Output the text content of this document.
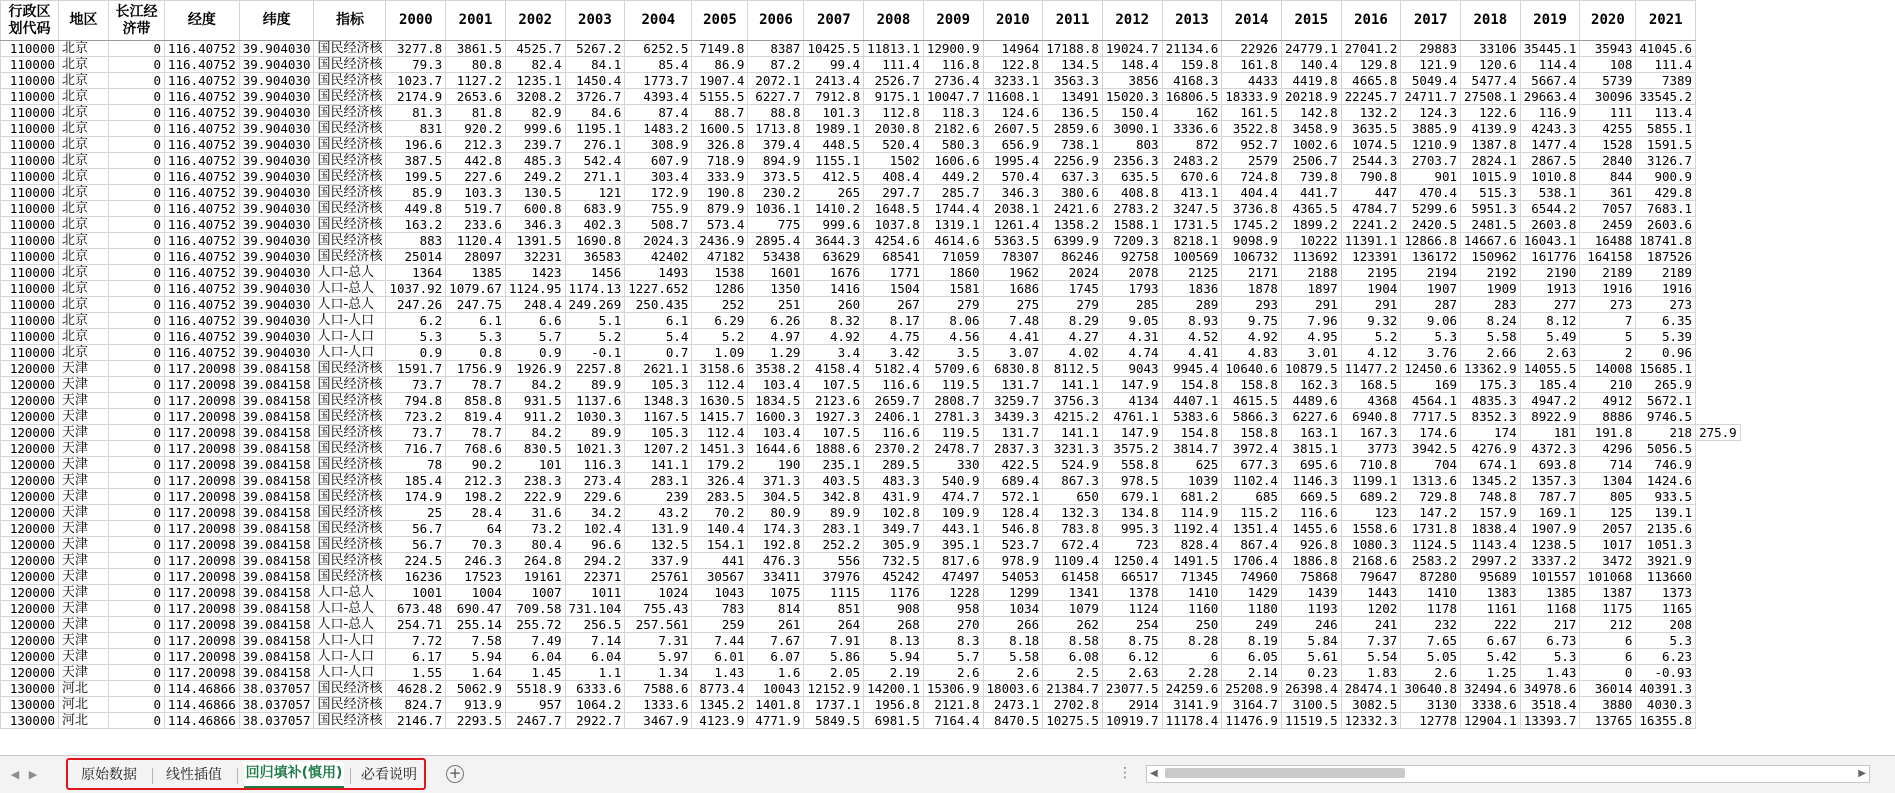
行政区划代码	地区	长江经济带	经度	纬度	指标	2000	2001	2002	2003	2004	2005	2006	2007	2008	2009	2010	2011	2012	2013	2014	2015	2016	2017	2018	2019	2020	2021	
110000	北京	0	116.40752	39.904030	国民经济核	3277.8	3861.5	4525.7	5267.2	6252.5	7149.8	8387	10425.5	11813.1	12900.9	14964	17188.8	19024.7	21134.6	22926	24779.1	27041.2	29883	33106	35445.1	35943	41045.6	
110000	北京	0	116.40752	39.904030	国民经济核	79.3	80.8	82.4	84.1	85.4	86.9	87.2	99.4	111.4	116.8	122.8	134.5	148.4	159.8	161.8	140.4	129.8	121.9	120.6	114.4	108	111.4	
110000	北京	0	116.40752	39.904030	国民经济核	1023.7	1127.2	1235.1	1450.4	1773.7	1907.4	2072.1	2413.4	2526.7	2736.4	3233.1	3563.3	3856	4168.3	4433	4419.8	4665.8	5049.4	5477.4	5667.4	5739	7389	
110000	北京	0	116.40752	39.904030	国民经济核	2174.9	2653.6	3208.2	3726.7	4393.4	5155.5	6227.7	7912.8	9175.1	10047.7	11608.1	13491	15020.3	16806.5	18333.9	20218.9	22245.7	24711.7	27508.1	29663.4	30096	33545.2	
110000	北京	0	116.40752	39.904030	国民经济核	81.3	81.8	82.9	84.6	87.4	88.7	88.8	101.3	112.8	118.3	124.6	136.5	150.4	162	161.5	142.8	132.2	124.3	122.6	116.9	111	113.4	
110000	北京	0	116.40752	39.904030	国民经济核	831	920.2	999.6	1195.1	1483.2	1600.5	1713.8	1989.1	2030.8	2182.6	2607.5	2859.6	3090.1	3336.6	3522.8	3458.9	3635.5	3885.9	4139.9	4243.3	4255	5855.1	
110000	北京	0	116.40752	39.904030	国民经济核	196.6	212.3	239.7	276.1	308.9	326.8	379.4	448.5	520.4	580.3	656.9	738.1	803	872	952.7	1002.6	1074.5	1210.9	1387.8	1477.4	1528	1591.5	
110000	北京	0	116.40752	39.904030	国民经济核	387.5	442.8	485.3	542.4	607.9	718.9	894.9	1155.1	1502	1606.6	1995.4	2256.9	2356.3	2483.2	2579	2506.7	2544.3	2703.7	2824.1	2867.5	2840	3126.7	
110000	北京	0	116.40752	39.904030	国民经济核	199.5	227.6	249.2	271.1	303.4	333.9	373.5	412.5	408.4	449.2	570.4	637.3	635.5	670.6	724.8	739.8	790.8	901	1015.9	1010.8	844	900.9	
110000	北京	0	116.40752	39.904030	国民经济核	85.9	103.3	130.5	121	172.9	190.8	230.2	265	297.7	285.7	346.3	380.6	408.8	413.1	404.4	441.7	447	470.4	515.3	538.1	361	429.8	
110000	北京	0	116.40752	39.904030	国民经济核	449.8	519.7	600.8	683.9	755.9	879.9	1036.1	1410.2	1648.5	1744.4	2038.1	2421.6	2783.2	3247.5	3736.8	4365.5	4784.7	5299.6	5951.3	6544.2	7057	7683.1	
110000	北京	0	116.40752	39.904030	国民经济核	163.2	233.6	346.3	402.3	508.7	573.4	775	999.6	1037.8	1319.1	1261.4	1358.2	1588.1	1731.5	1745.2	1899.2	2241.2	2420.5	2481.5	2603.8	2459	2603.6	
110000	北京	0	116.40752	39.904030	国民经济核	883	1120.4	1391.5	1690.8	2024.3	2436.9	2895.4	3644.3	4254.6	4614.6	5363.5	6399.9	7209.3	8218.1	9098.9	10222	11391.1	12866.8	14667.6	16043.1	16488	18741.8	
110000	北京	0	116.40752	39.904030	国民经济核	25014	28097	32231	36583	42402	47182	53438	63629	68541	71059	78307	86246	92758	100569	106732	113692	123391	136172	150962	161776	164158	187526	
110000	北京	0	116.40752	39.904030	人口-总人	1364	1385	1423	1456	1493	1538	1601	1676	1771	1860	1962	2024	2078	2125	2171	2188	2195	2194	2192	2190	2189	2189	
110000	北京	0	116.40752	39.904030	人口-总人	1037.92	1079.67	1124.95	1174.13	1227.652	1286	1350	1416	1504	1581	1686	1745	1793	1836	1878	1897	1904	1907	1909	1913	1916	1916	
110000	北京	0	116.40752	39.904030	人口-总人	247.26	247.75	248.4	249.269	250.435	252	251	260	267	279	275	279	285	289	293	291	291	287	283	277	273	273	
110000	北京	0	116.40752	39.904030	人口-人口	6.2	6.1	6.6	5.1	6.1	6.29	6.26	8.32	8.17	8.06	7.48	8.29	9.05	8.93	9.75	7.96	9.32	9.06	8.24	8.12	7	6.35	
110000	北京	0	116.40752	39.904030	人口-人口	5.3	5.3	5.7	5.2	5.4	5.2	4.97	4.92	4.75	4.56	4.41	4.27	4.31	4.52	4.92	4.95	5.2	5.3	5.58	5.49	5	5.39	
110000	北京	0	116.40752	39.904030	人口-人口	0.9	0.8	0.9	-0.1	0.7	1.09	1.29	3.4	3.42	3.5	3.07	4.02	4.74	4.41	4.83	3.01	4.12	3.76	2.66	2.63	2	0.96	
120000	天津	0	117.20098	39.084158	国民经济核	1591.7	1756.9	1926.9	2257.8	2621.1	3158.6	3538.2	4158.4	5182.4	5709.6	6830.8	8112.5	9043	9945.4	10640.6	10879.5	11477.2	12450.6	13362.9	14055.5	14008	15685.1	
120000	天津	0	117.20098	39.084158	国民经济核	73.7	78.7	84.2	89.9	105.3	112.4	103.4	107.5	116.6	119.5	131.7	141.1	147.9	154.8	158.8	162.3	168.5	169	175.3	185.4	210	265.9	
120000	天津	0	117.20098	39.084158	国民经济核	794.8	858.8	931.5	1137.6	1348.3	1630.5	1834.5	2123.6	2659.7	2808.7	3259.7	3756.3	4134	4407.1	4615.5	4489.6	4368	4564.1	4835.3	4947.2	4912	5672.1	
120000	天津	0	117.20098	39.084158	国民经济核	723.2	819.4	911.2	1030.3	1167.5	1415.7	1600.3	1927.3	2406.1	2781.3	3439.3	4215.2	4761.1	5383.6	5866.3	6227.6	6940.8	7717.5	8352.3	8922.9	8886	9746.5	
120000	天津	0	117.20098	39.084158	国民经济核	73.7	78.7	84.2	89.9	105.3	112.4	103.4	107.5	116.6	119.5	131.7	141.1	147.9	154.8	158.8	163.1	167.3	174.6	174	181	191.8	218	275.9
120000	天津	0	117.20098	39.084158	国民经济核	716.7	768.6	830.5	1021.3	1207.2	1451.3	1644.6	1888.6	2370.2	2478.7	2837.3	3231.3	3575.2	3814.7	3972.4	3815.1	3773	3942.5	4276.9	4372.3	4296	5056.5	
120000	天津	0	117.20098	39.084158	国民经济核	78	90.2	101	116.3	141.1	179.2	190	235.1	289.5	330	422.5	524.9	558.8	625	677.3	695.6	710.8	704	674.1	693.8	714	746.9	
120000	天津	0	117.20098	39.084158	国民经济核	185.4	212.3	238.3	273.4	283.1	326.4	371.3	403.5	483.3	540.9	689.4	867.3	978.5	1039	1102.4	1146.3	1199.1	1313.6	1345.2	1357.3	1304	1424.6	
120000	天津	0	117.20098	39.084158	国民经济核	174.9	198.2	222.9	229.6	239	283.5	304.5	342.8	431.9	474.7	572.1	650	679.1	681.2	685	669.5	689.2	729.8	748.8	787.7	805	933.5	
120000	天津	0	117.20098	39.084158	国民经济核	25	28.4	31.6	34.2	43.2	70.2	80.9	89.9	102.8	109.9	128.4	132.3	134.8	114.9	115.2	116.6	123	147.2	157.9	169.1	125	139.1	
120000	天津	0	117.20098	39.084158	国民经济核	56.7	64	73.2	102.4	131.9	140.4	174.3	283.1	349.7	443.1	546.8	783.8	995.3	1192.4	1351.4	1455.6	1558.6	1731.8	1838.4	1907.9	2057	2135.6	
120000	天津	0	117.20098	39.084158	国民经济核	56.7	70.3	80.4	96.6	132.5	154.1	192.8	252.2	305.9	395.1	523.7	672.4	723	828.4	867.4	926.8	1080.3	1124.5	1143.4	1238.5	1017	1051.3	
120000	天津	0	117.20098	39.084158	国民经济核	224.5	246.3	264.8	294.2	337.9	441	476.3	556	732.5	817.6	978.9	1109.4	1250.4	1491.5	1706.4	1886.8	2168.6	2583.2	2997.2	3337.2	3472	3921.9	
120000	天津	0	117.20098	39.084158	国民经济核	16236	17523	19161	22371	25761	30567	33411	37976	45242	47497	54053	61458	66517	71345	74960	75868	79647	87280	95689	101557	101068	113660	
120000	天津	0	117.20098	39.084158	人口-总人	1001	1004	1007	1011	1024	1043	1075	1115	1176	1228	1299	1341	1378	1410	1429	1439	1443	1410	1383	1385	1387	1373	
120000	天津	0	117.20098	39.084158	人口-总人	673.48	690.47	709.58	731.104	755.43	783	814	851	908	958	1034	1079	1124	1160	1180	1193	1202	1178	1161	1168	1175	1165	
120000	天津	0	117.20098	39.084158	人口-总人	254.71	255.14	255.72	256.5	257.561	259	261	264	268	270	266	262	254	250	249	246	241	232	222	217	212	208	
120000	天津	0	117.20098	39.084158	人口-人口	7.72	7.58	7.49	7.14	7.31	7.44	7.67	7.91	8.13	8.3	8.18	8.58	8.75	8.28	8.19	5.84	7.37	7.65	6.67	6.73	6	5.3	
120000	天津	0	117.20098	39.084158	人口-人口	6.17	5.94	6.04	6.04	5.97	6.01	6.07	5.86	5.94	5.7	5.58	6.08	6.12	6	6.05	5.61	5.54	5.05	5.42	5.3	6	6.23	
120000	天津	0	117.20098	39.084158	人口-人口	1.55	1.64	1.45	1.1	1.34	1.43	1.6	2.05	2.19	2.6	2.6	2.5	2.63	2.28	2.14	0.23	1.83	2.6	1.25	1.43	0	-0.93	
130000	河北	0	114.46866	38.037057	国民经济核	4628.2	5062.9	5518.9	6333.6	7588.6	8773.4	10043	12152.9	14200.1	15306.9	18003.6	21384.7	23077.5	24259.6	25208.9	26398.4	28474.1	30640.8	32494.6	34978.6	36014	40391.3	
130000	河北	0	114.46866	38.037057	国民经济核	824.7	913.9	957	1064.2	1333.6	1345.2	1401.8	1737.1	1956.8	2121.8	2473.1	2702.8	2914	3141.9	3164.7	3100.5	3082.5	3130	3338.6	3518.4	3880	4030.3	
130000	河北	0	114.46866	38.037057	国民经济核	2146.7	2293.5	2467.7	2922.7	3467.9	4123.9	4771.9	5849.5	6981.5	7164.4	8470.5	10275.5	10919.7	11178.4	11476.9	11519.5	12332.3	12778	12904.1	13393.7	13765	16355.8	
◀ ▶	原始数据	线性插值	回归填补(慎用)	必看说明	+	⋮ ◀	▶
